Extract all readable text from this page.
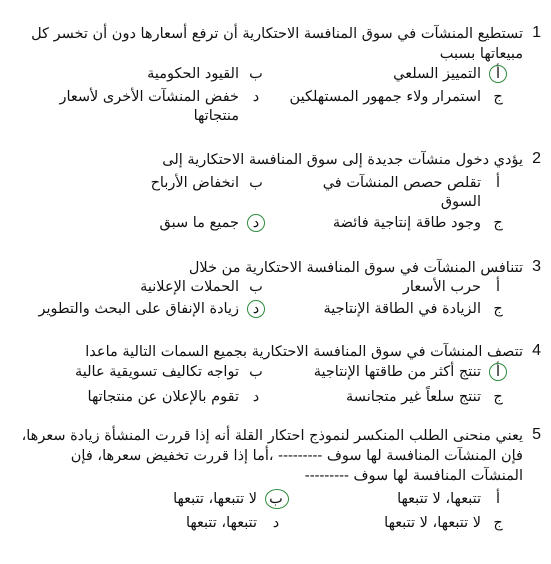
1
تستطيع المنشآت في سوق المنافسة الاحتكارية أن ترفع أسعارها دون أن تخسر كل مبيعاتها بسبب
أ
التمييز السلعي
ب
القيود الحكومية
ج
استمرار ولاء جمهور المستهلكين
د
خفض المنشآت الأخرى لأسعار منتجاتها
2
يؤدي دخول منشآت جديدة إلى سوق المنافسة الاحتكارية إلى
أ
تقلص حصص المنشآت في السوق
ب
انخفاض الأرباح
ج
وجود طاقة إنتاجية فائضة
د
جميع ما سبق
3
تتنافس المنشآت في سوق المنافسة الاحتكارية من خلال
أ
حرب الأسعار
ب
الحملات الإعلانية
ج
الزيادة في الطاقة الإنتاجية
د
زيادة الإنفاق على البحث والتطوير
4
تتصف المنشآت في سوق المنافسة الاحتكارية بجميع السمات التالية ماعدا
أ
تنتج أكثر من طاقتها الإنتاجية
ب
تواجه تكاليف تسويقية عالية
ج
تنتج سلعاً غير متجانسة
د
تقوم بالإعلان عن منتجاتها
5
يعني منحنى الطلب المنكسر لنموذج احتكار القلة أنه إذا قررت المنشأة زيادة سعرها، فإن المنشآت المنافسة لها سوف --------- ،أما إذا قررت تخفيض سعرها، فإن المنشآت المنافسة لها سوف ---------
أ
تتبعها، لا تتبعها
ب
لا تتبعها، تتبعها
ج
لا تتبعها، لا تتبعها
د
تتبعها، تتبعها
